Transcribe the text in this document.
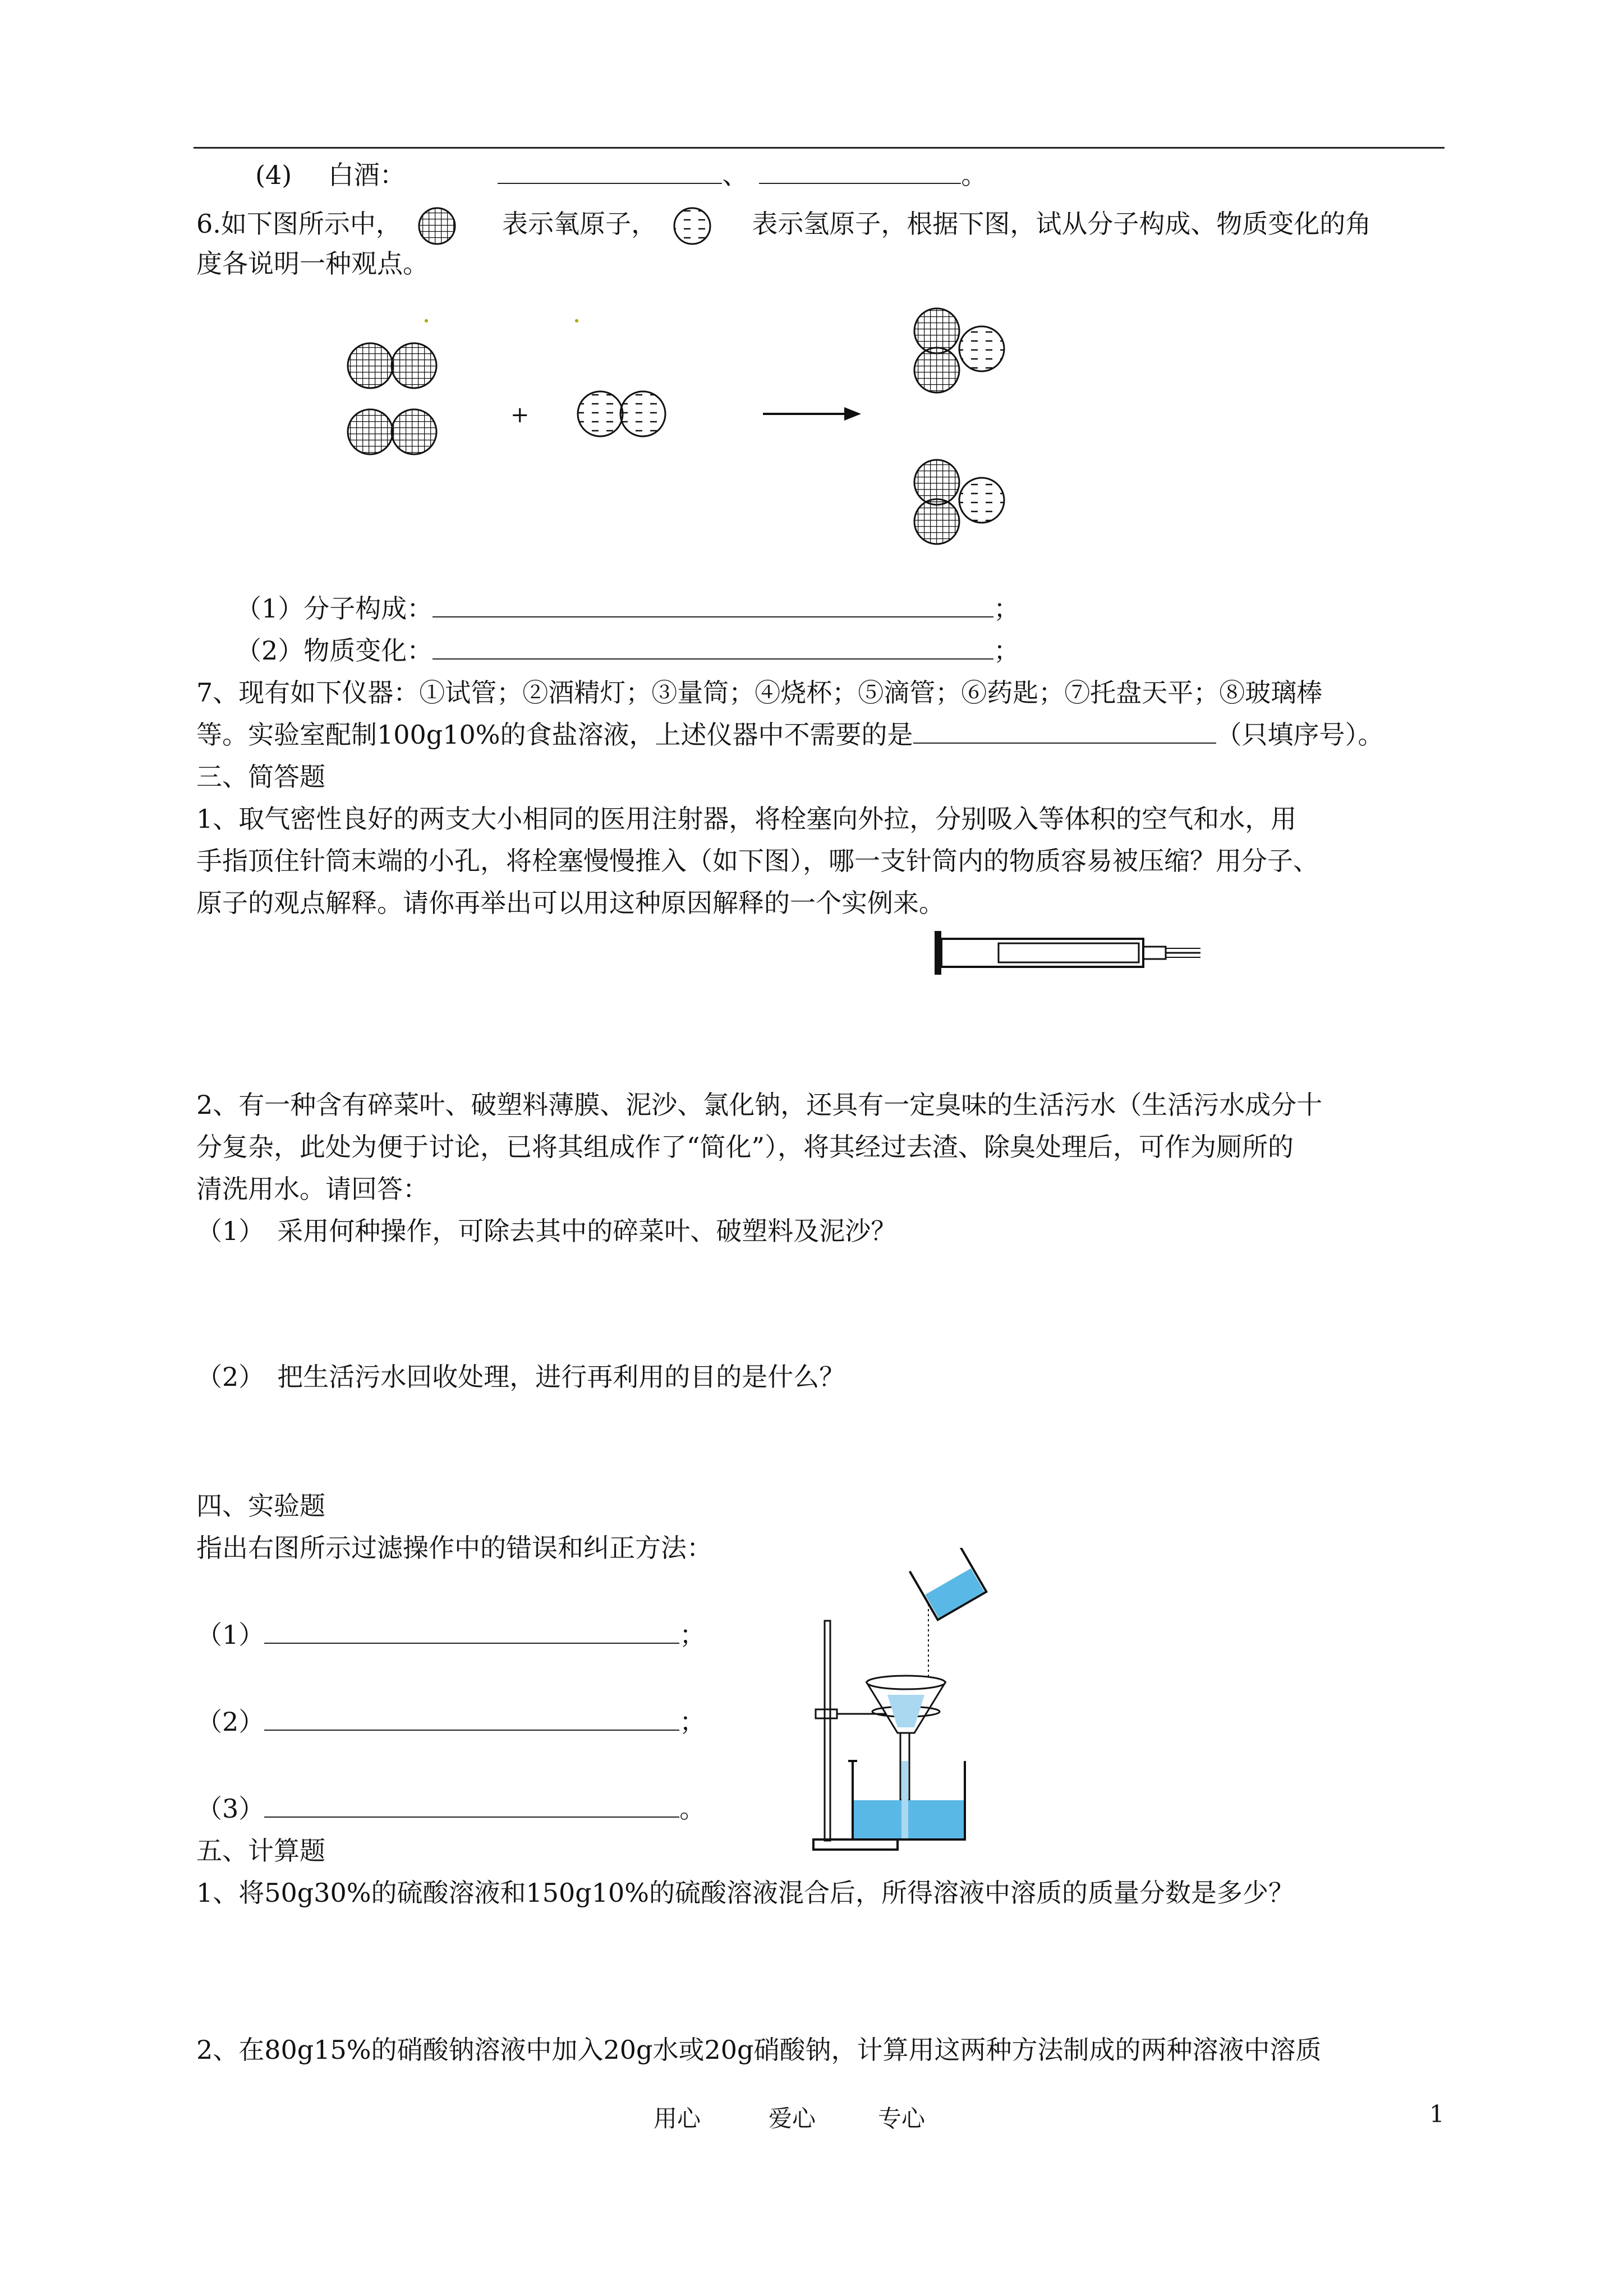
(4) 白酒：	、	。
6.如下图所示中，	表示氧原子，	表示氢原子，根据下图，试从分子构成、物质变化的角
度各说明一种观点。
+
（1）分子构成：	；
（2）物质变化：	；
7、现有如下仪器：①试管；②酒精灯；③量筒；④烧杯；⑤滴管；⑥药匙；⑦托盘天平；⑧玻璃棒
等。实验室配制100g10%的食盐溶液，上述仪器中不需要的是	（只填序号）。
三、简答题
1、取气密性良好的两支大小相同的医用注射器，将栓塞向外拉，分别吸入等体积的空气和水，用
手指顶住针筒末端的小孔，将栓塞慢慢推入（如下图），哪一支针筒内的物质容易被压缩？用分子、
原子的观点解释。请你再举出可以用这种原因解释的一个实例来。
2、有一种含有碎菜叶、破塑料薄膜、泥沙、氯化钠，还具有一定臭味的生活污水（生活污水成分十
分复杂，此处为便于讨论，已将其组成作了“简化”），将其经过去渣、除臭处理后，可作为厕所的
清洗用水。请回答：
（1）　采用何种操作，可除去其中的碎菜叶、破塑料及泥沙？
（2）　把生活污水回收处理，进行再利用的目的是什么？
四、实验题
指出右图所示过滤操作中的错误和纠正方法：
（1）	；
（2）	；
（3）	。
五、计算题
1、将50g30%的硫酸溶液和150g10%的硫酸溶液混合后，所得溶液中溶质的质量分数是多少？
2、在80g15%的硝酸钠溶液中加入20g水或20g硝酸钠，计算用这两种方法制成的两种溶液中溶质
用心	爱心	专心	1
